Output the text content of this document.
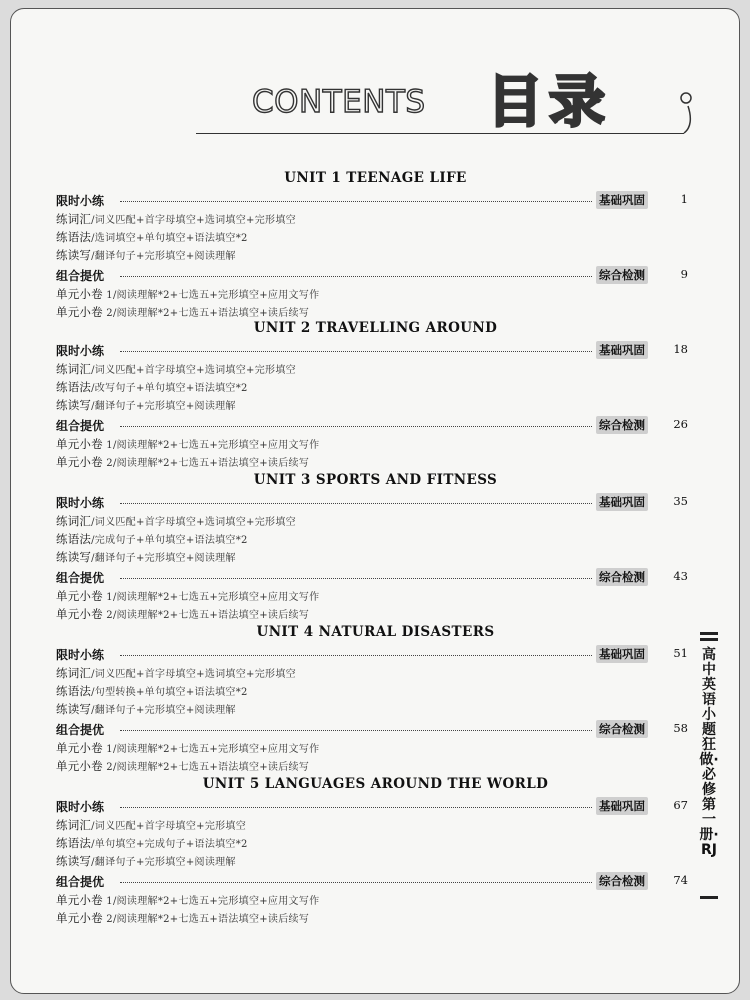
CONTENTS 目录
UNIT 1 TEENAGE LIFE
限时小练	基础巩固	1
练词汇/词义匹配+首字母填空+选词填空+完形填空
练语法/选词填空+单句填空+语法填空*2
练读写/翻译句子+完形填空+阅读理解
组合提优	综合检测	9
单元小卷 1/阅读理解*2+七选五+完形填空+应用文写作
单元小卷 2/阅读理解*2+七选五+语法填空+读后续写
UNIT 2 TRAVELLING AROUND
限时小练	基础巩固	18
练词汇/词义匹配+首字母填空+选词填空+完形填空
练语法/改写句子+单句填空+语法填空*2
练读写/翻译句子+完形填空+阅读理解
组合提优	综合检测	26
单元小卷 1/阅读理解*2+七选五+完形填空+应用文写作
单元小卷 2/阅读理解*2+七选五+语法填空+读后续写
UNIT 3 SPORTS AND FITNESS
限时小练	基础巩固	35
练词汇/词义匹配+首字母填空+选词填空+完形填空
练语法/完成句子+单句填空+语法填空*2
练读写/翻译句子+完形填空+阅读理解
组合提优	综合检测	43
单元小卷 1/阅读理解*2+七选五+完形填空+应用文写作
单元小卷 2/阅读理解*2+七选五+语法填空+读后续写
UNIT 4 NATURAL DISASTERS
限时小练	基础巩固	51
练词汇/词义匹配+首字母填空+选词填空+完形填空
练语法/句型转换+单句填空+语法填空*2
练读写/翻译句子+完形填空+阅读理解
组合提优	综合检测	58
单元小卷 1/阅读理解*2+七选五+完形填空+应用文写作
单元小卷 2/阅读理解*2+七选五+语法填空+读后续写
UNIT 5 LANGUAGES AROUND THE WORLD
限时小练	基础巩固	67
练词汇/词义匹配+首字母填空+完形填空
练语法/单句填空+完成句子+语法填空*2
练读写/翻译句子+完形填空+阅读理解
组合提优	综合检测	74
单元小卷 1/阅读理解*2+七选五+完形填空+应用文写作
单元小卷 2/阅读理解*2+七选五+语法填空+读后续写
高中英语 小题狂做·必修第一册·RJ
